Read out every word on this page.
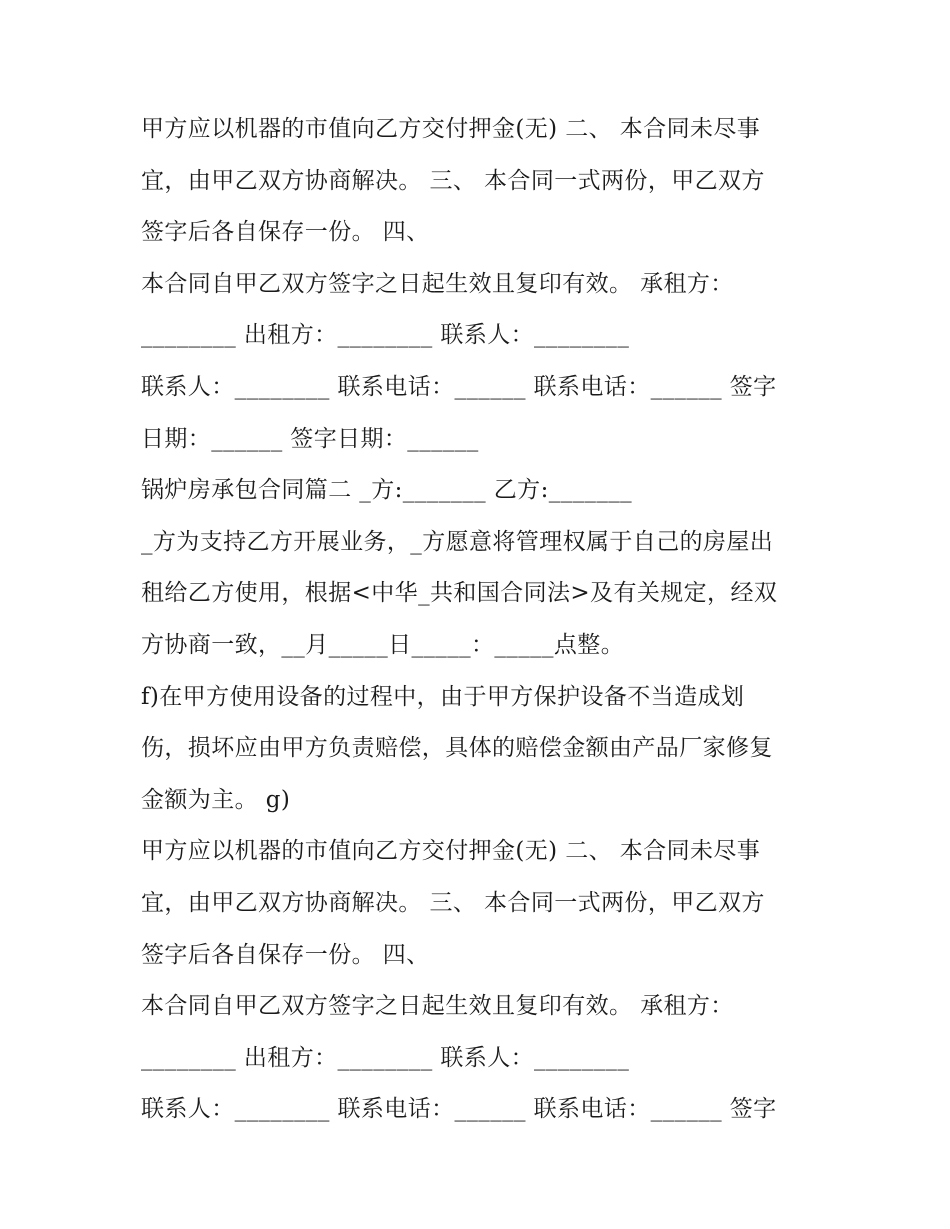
甲方应以机器的市值向乙方交付押金(无) 二、 本合同未尽事
宜，由甲乙双方协商解决。 三、 本合同一式两份，甲乙双方
签字后各自保存一份。 四、
本合同自甲乙双方签字之日起生效且复印有效。 承租方：
________ 出租方：________ 联系人：________
联系人：________ 联系电话：______ 联系电话：______ 签字
日期：______ 签字日期：______
锅炉房承包合同篇二 _方:_______ 乙方:_______
_方为支持乙方开展业务，_方愿意将管理权属于自己的房屋出
租给乙方使用，根据<中华_共和国合同法>及有关规定，经双
方协商一致，__月_____日_____：_____点整。
f)在甲方使用设备的过程中，由于甲方保护设备不当造成划
伤，损坏应由甲方负责赔偿，具体的赔偿金额由产品厂家修复
金额为主。 g)
甲方应以机器的市值向乙方交付押金(无) 二、 本合同未尽事
宜，由甲乙双方协商解决。 三、 本合同一式两份，甲乙双方
签字后各自保存一份。 四、
本合同自甲乙双方签字之日起生效且复印有效。 承租方：
________ 出租方：________ 联系人：________
联系人：________ 联系电话：______ 联系电话：______ 签字
